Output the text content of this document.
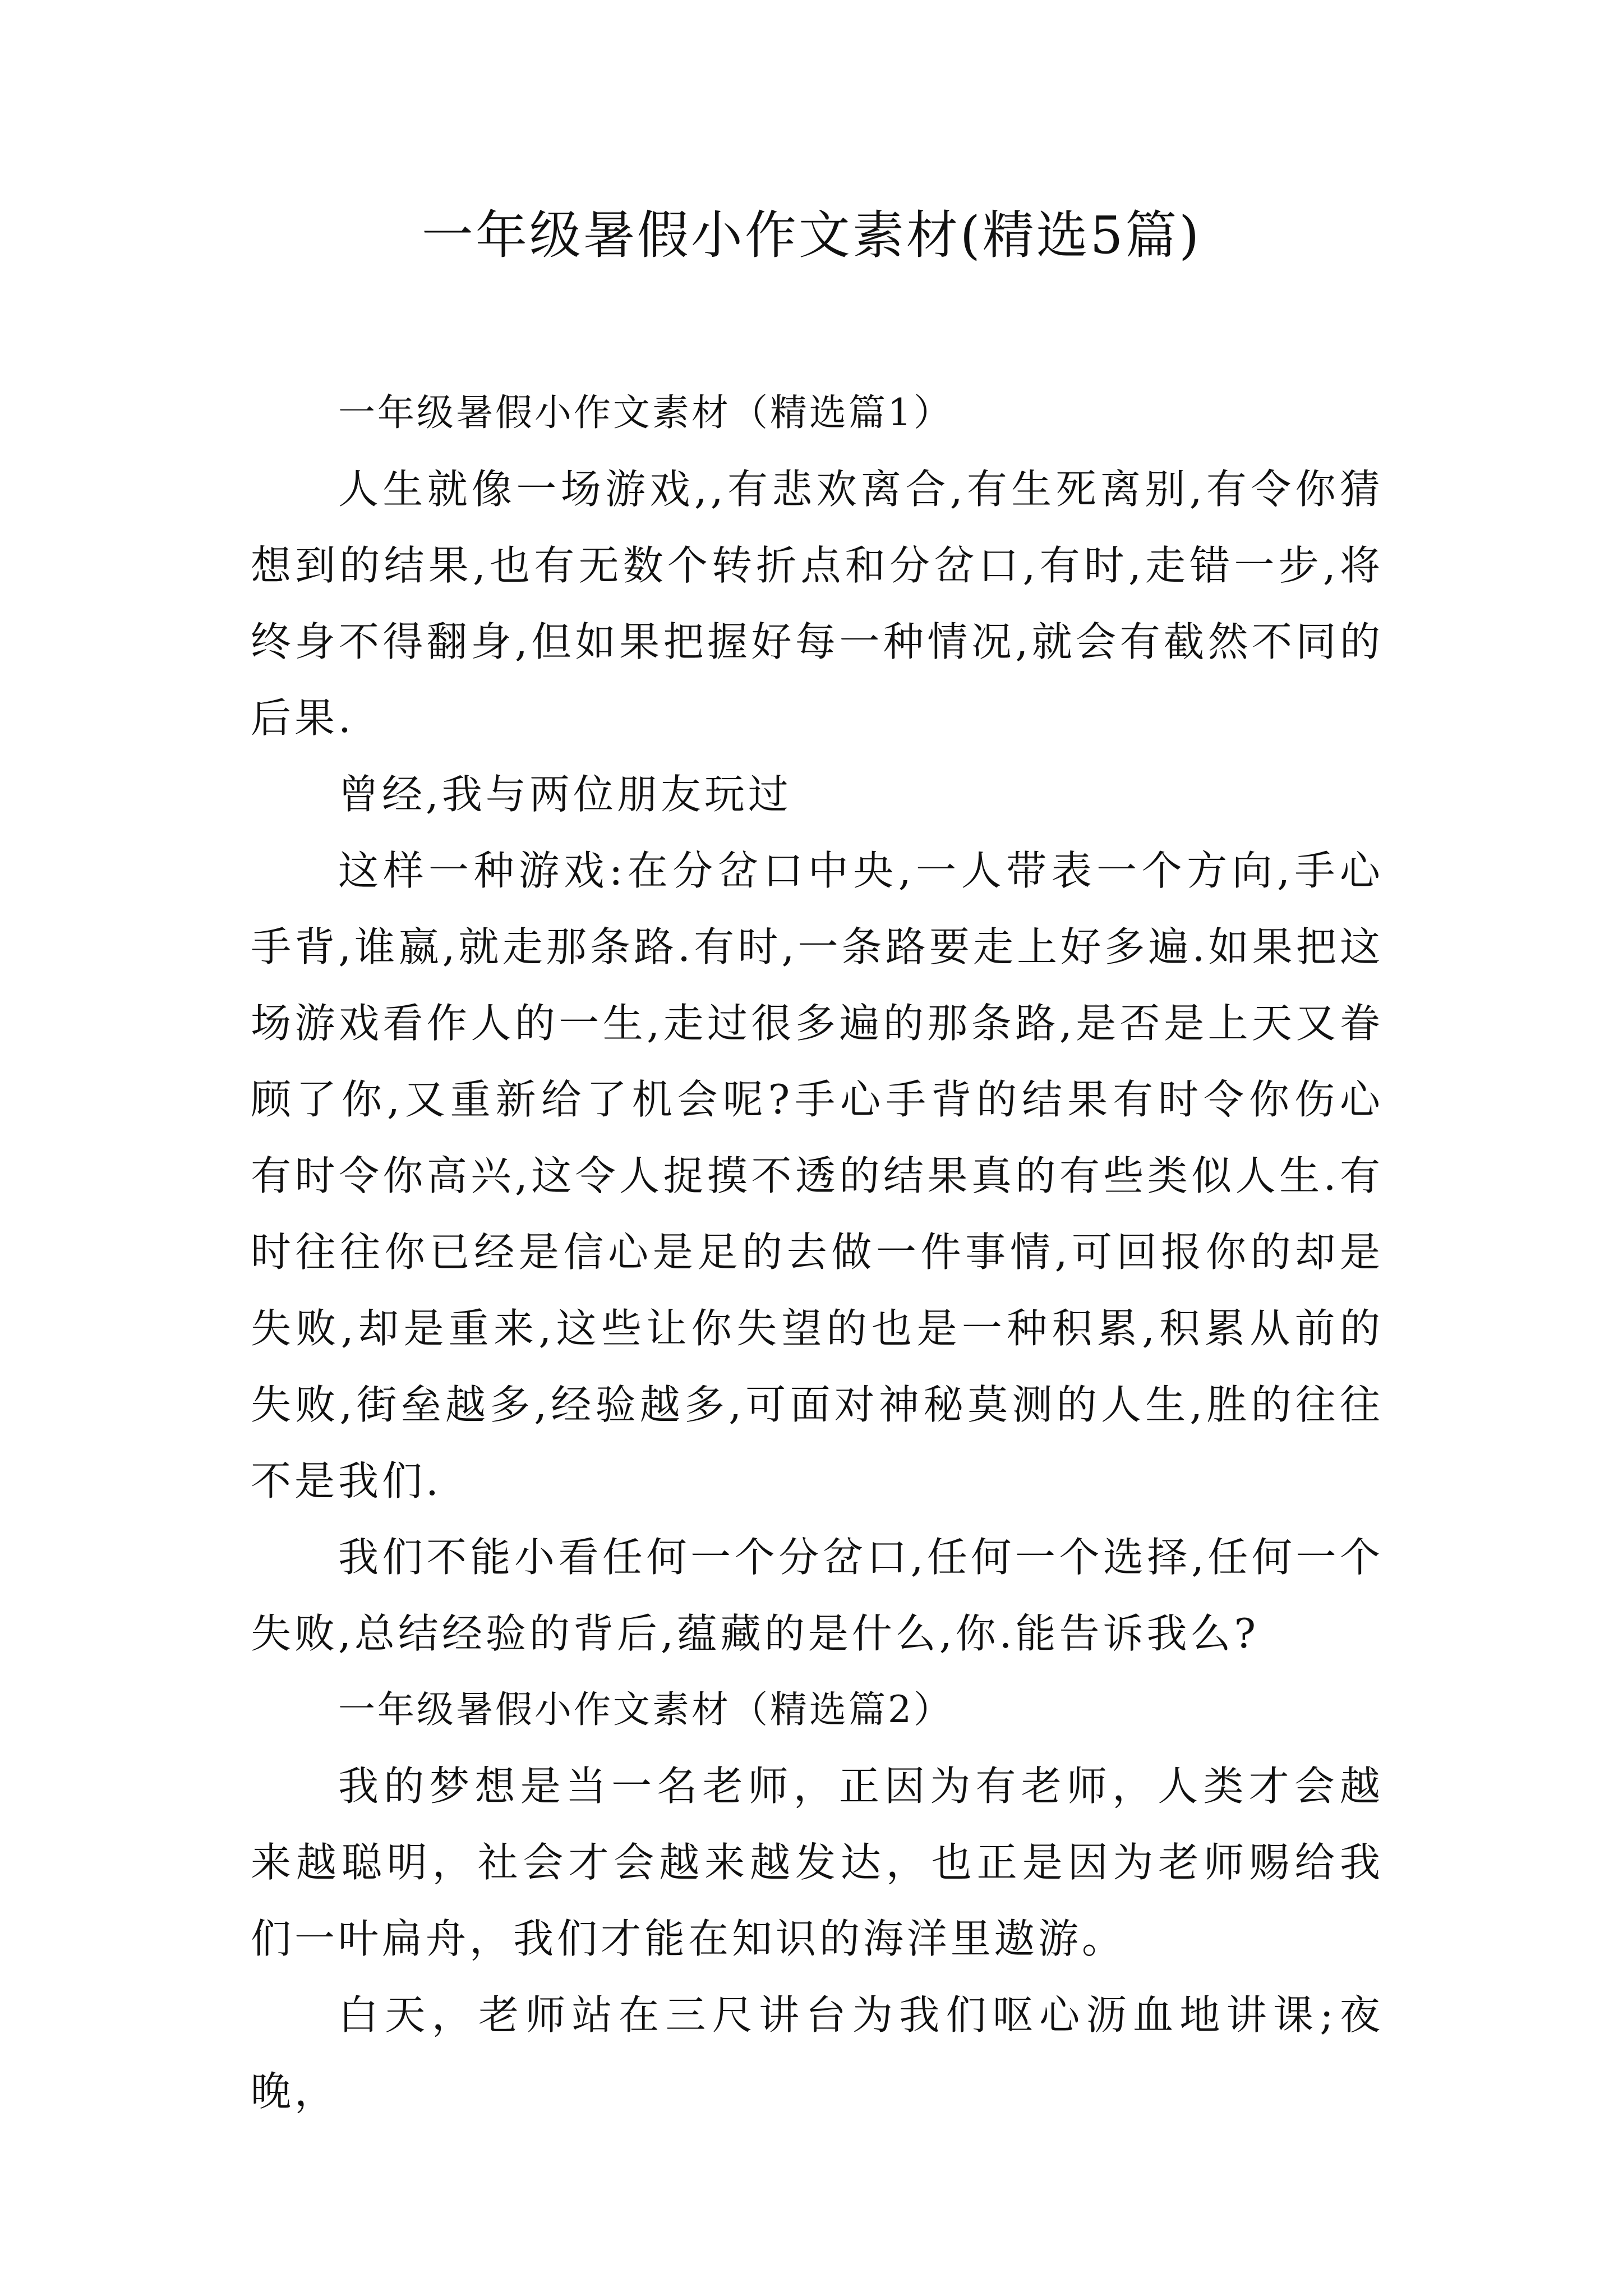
一年级暑假小作文素材(精选5篇)

一年级暑假小作文素材（精选篇1）

人生就像一场游戏,,有悲欢离合,有生死离别,有令你猜想到的结果,也有无数个转折点和分岔口,有时,走错一步,将终身不得翻身,但如果把握好每一种情况,就会有截然不同的后果.

曾经,我与两位朋友玩过

这样一种游戏:在分岔口中央,一人带表一个方向,手心手背,谁嬴,就走那条路.有时,一条路要走上好多遍.如果把这场游戏看作人的一生,走过很多遍的那条路,是否是上天又眷顾了你,又重新给了机会呢?手心手背的结果有时令你伤心有时令你高兴,这令人捉摸不透的结果真的有些类似人生.有时往往你已经是信心是足的去做一件事情,可回报你的却是失败,却是重来,这些让你失望的也是一种积累,积累从前的失败,街垒越多,经验越多,可面对神秘莫测的人生,胜的往往不是我们.

我们不能小看任何一个分岔口,任何一个选择,任何一个失败,总结经验的背后,蕴藏的是什么,你.能告诉我么?

一年级暑假小作文素材（精选篇2）

我的梦想是当一名老师，正因为有老师，人类才会越来越聪明，社会才会越来越发达，也正是因为老师赐给我们一叶扁舟，我们才能在知识的海洋里遨游。

白天，老师站在三尺讲台为我们呕心沥血地讲课;夜晚，
